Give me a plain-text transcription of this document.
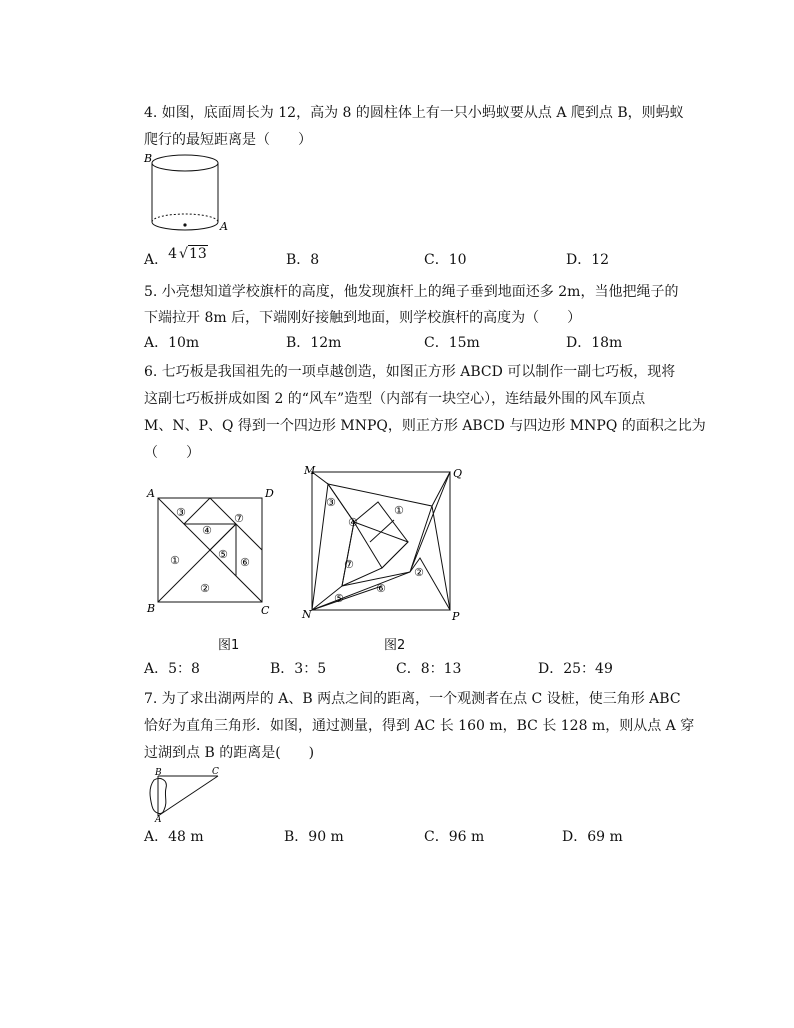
4. 如图，底面周长为 12，高为 8 的圆柱体上有一只小蚂蚁要从点 A 爬到点 B，则蚂蚁
爬行的最短距离是（　　）
B
A
A．4 √13	B．8	C．10	D．12
5. 小亮想知道学校旗杆的高度，他发现旗杆上的绳子垂到地面还多 2m，当他把绳子的
下端拉开 8m 后，下端刚好接触到地面，则学校旗杆的高度为（　　）
A．10m	B．12m	C．15m	D．18m
6. 七巧板是我国祖先的一项卓越创造，如图正方形 ABCD 可以制作一副七巧板，现将
这副七巧板拼成如图 2 的“风车”造型（内部有一块空心），连结最外围的风车顶点
M、N、P、Q 得到一个四边形 MNPQ，则正方形 ABCD 与四边形 MNPQ 的面积之比为
（　　）
A	D
B	C
①
②
③
④
⑤
⑥
⑦
图1
M	Q
N	P
①
②
③
④
⑤
⑥
⑦
图2
A．5：8	B．3：5	C．8：13	D．25：49
7. 为了求出湖两岸的 A、B 两点之间的距离，一个观测者在点 C 设桩，使三角形 ABC
恰好为直角三角形．如图，通过测量，得到 AC 长 160 m，BC 长 128 m，则从点 A 穿
过湖到点 B 的距离是(　　)
B	C
A
A．48 m	B．90 m	C．96 m	D．69 m
